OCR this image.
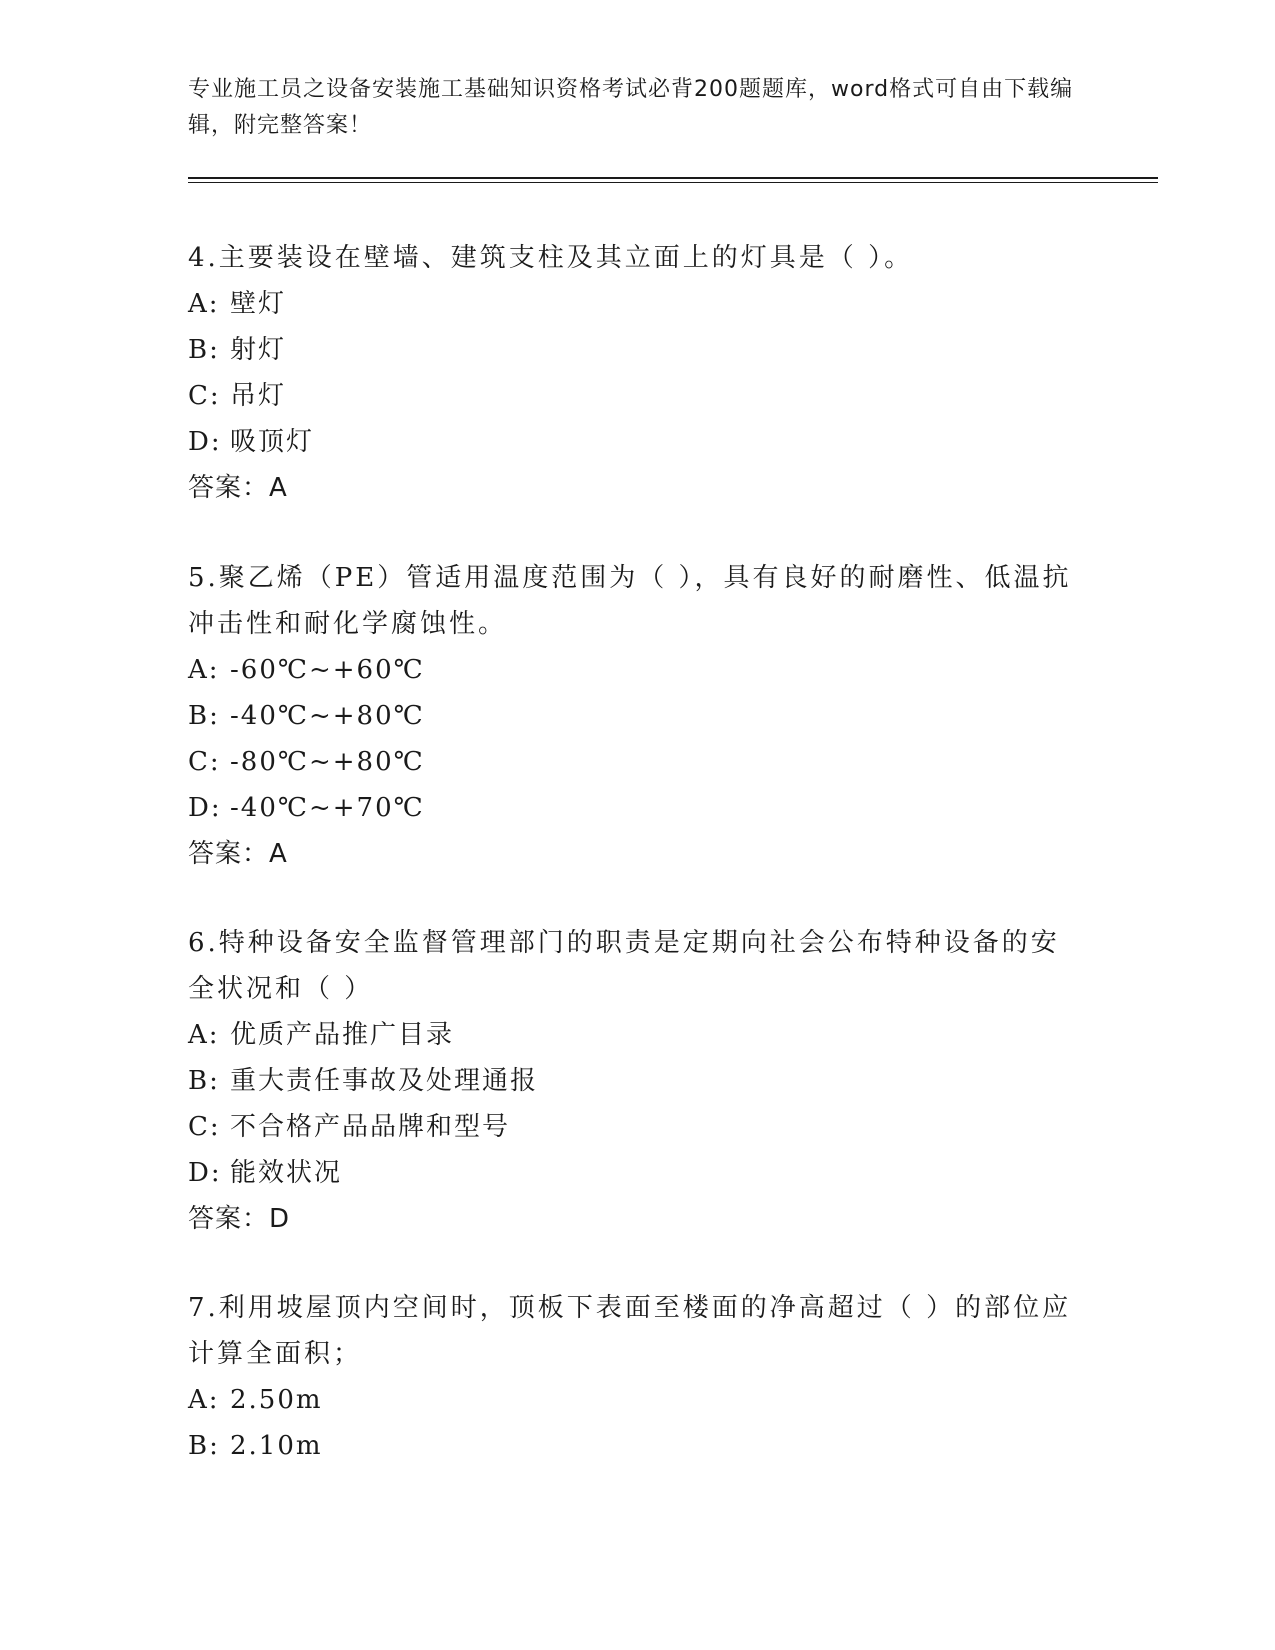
专业施工员之设备安装施工基础知识资格考试必背200题题库，word格式可自由下载编辑，附完整答案！
4.主要装设在壁墙、建筑支柱及其立面上的灯具是（ ）。
A: 壁灯
B: 射灯
C: 吊灯
D: 吸顶灯
答案：A
5.聚乙烯（PE）管适用温度范围为（ ），具有良好的耐磨性、低温抗冲击性和耐化学腐蚀性。
A: -60℃~+60℃
B: -40℃~+80℃
C: -80℃~+80℃
D: -40℃~+70℃
答案：A
6.特种设备安全监督管理部门的职责是定期向社会公布特种设备的安全状况和（ ）
A: 优质产品推广目录
B: 重大责任事故及处理通报
C: 不合格产品品牌和型号
D: 能效状况
答案：D
7.利用坡屋顶内空间时，顶板下表面至楼面的净高超过（ ）的部位应计算全面积；
A: 2.50m
B: 2.10m
